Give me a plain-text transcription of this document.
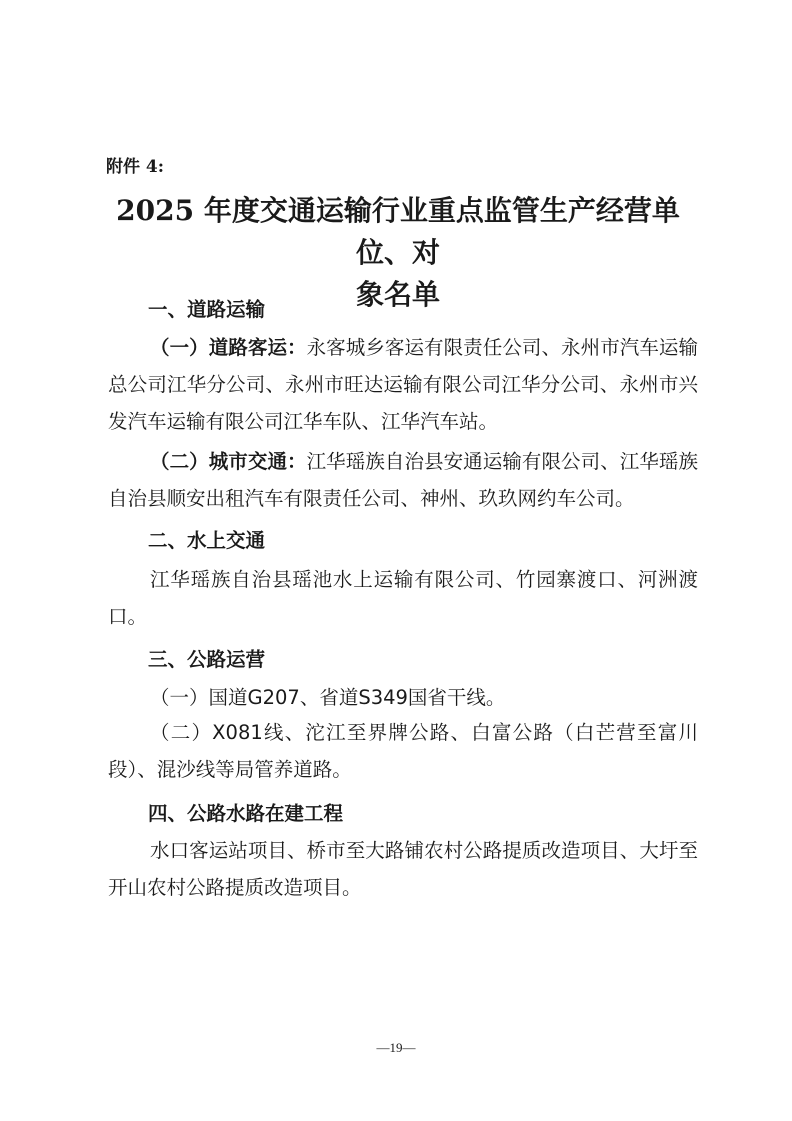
附件 4:
2025 年度交通运输行业重点监管生产经营单位、对
象名单
一、道路运输
（一）道路客运：永客城乡客运有限责任公司、永州市汽车运输总公司江华分公司、永州市旺达运输有限公司江华分公司、永州市兴发汽车运输有限公司江华车队、江华汽车站。
（二）城市交通：江华瑶族自治县安通运输有限公司、江华瑶族自治县顺安出租汽车有限责任公司、神州、玖玖网约车公司。
二、水上交通
江华瑶族自治县瑶池水上运输有限公司、竹园寨渡口、河洲渡口。
三、公路运营
（一）国道G207、省道S349国省干线。
（二）X081线、沱江至界牌公路、白富公路（白芒营至富川段）、混沙线等局管养道路。
四、公路水路在建工程
水口客运站项目、桥市至大路铺农村公路提质改造项目、大圩至开山农村公路提质改造项目。
—19—
